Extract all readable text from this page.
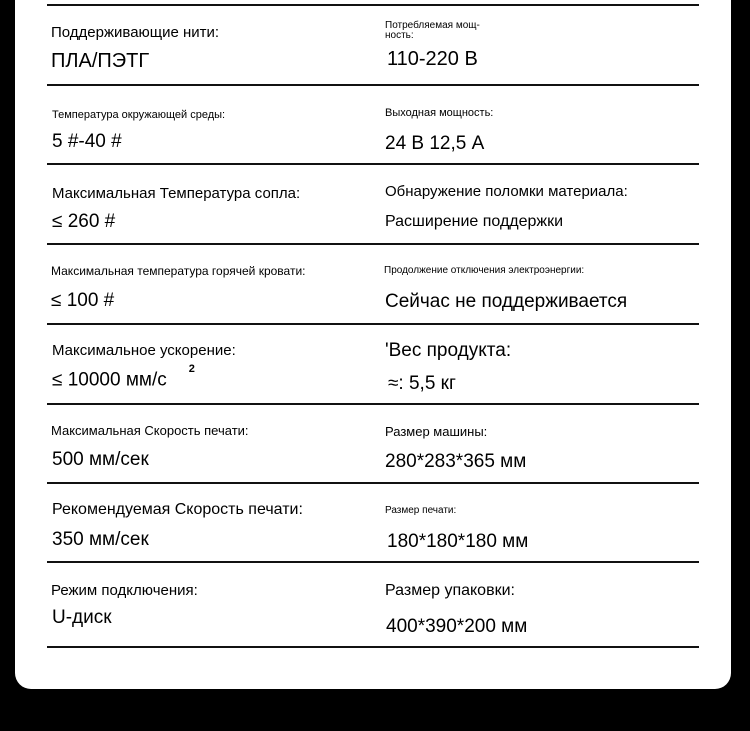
Поддерживающие нити:
ПЛА/ПЭТГ
Потребляемая мощ-
ность:
110-220 В
Температура окружающей среды:
5 #-40 #
Выходная мощность:
24 В 12,5 А
Максимальная Температура сопла:
≤ 260 #
Обнаружение поломки материала:
Расширение поддержки
Максимальная температура горячей кровати:
≤ 100 #
Продолжение отключения электроэнергии:
Сейчас не поддерживается
Максимальное ускорение:
≤ 10000 $мм/с^2$
'Вес продукта:
≈: 5,5 кг
Максимальная Скорость печати:
500 мм/сек
Размер машины:
280*283*365 мм
Рекомендуемая Скорость печати:
350 мм/сек
Размер печати:
180*180*180 мм
Режим подключения:
U-диск
Размер упаковки:
400*390*200 мм
